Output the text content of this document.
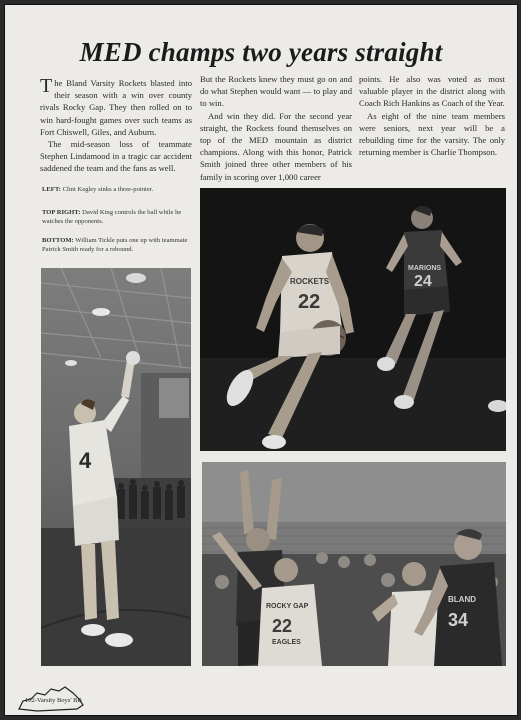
MED champs two years straight

The Bland Varsity Rockets blasted into their season with a win over county rivals Rocky Gap. They then rolled on to win hard-fought games over such teams as Fort Chiswell, Giles, and Auburn.

The mid-season loss of teammate Stephen Lindamood in a tragic car accident saddened the team and the fans as well.

But the Rockets knew they must go on and do what Stephen would want — to play and to win.

And win they did. For the second year straight, the Rockets found themselves on top of the MED mountain as district champions. Along with this honor, Patrick Smith joined three other members of his family in scoring over 1,000 career

points. He also was voted as most valuable player in the district along with Coach Rich Hankins as Coach of the Year.

As eight of the nine team members were seniors, next year will be a rebuilding time for the varsity. The only returning member is Charlie Thompson.

LEFT: Clint Kegley sinks a three-pointer.
TOP RIGHT: David King controls the ball while he watches the opponents.
BOTTOM: William Tickle puts one up with teammate Patrick Smith ready for a rebound.
4
MARIONS
24
ROCKETS
22
ROCKY GAP
22
EAGLES
BLAND
34
102-Varsity Boys' BB
